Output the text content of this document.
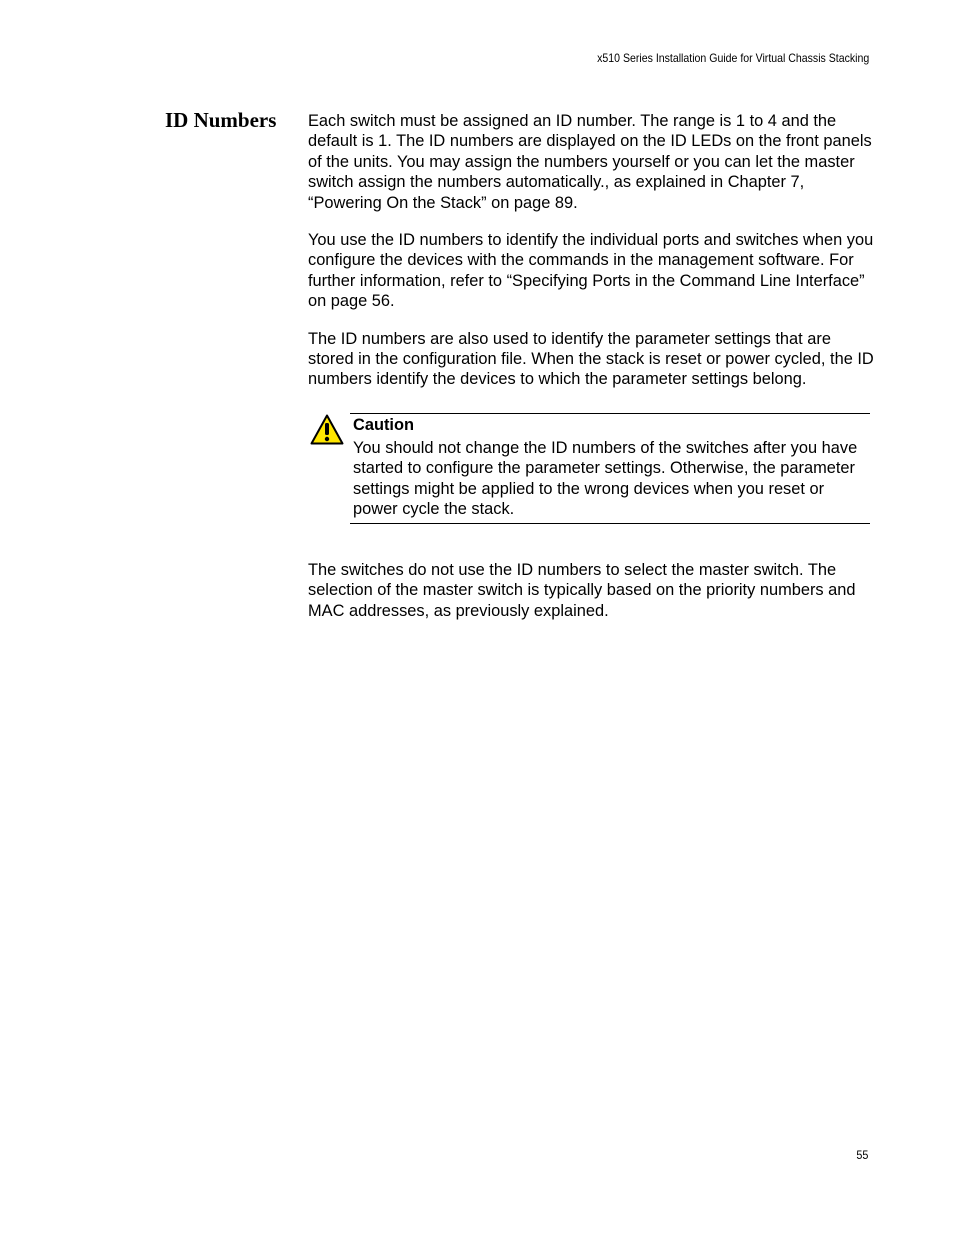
x510 Series Installation Guide for Virtual Chassis Stacking
ID Numbers Each switch must be assigned an ID number. The range is 1 to 4 and the default is 1. The ID numbers are displayed on the ID LEDs on the front panels of the units. You may assign the numbers yourself or you can let the master switch assign the numbers automatically., as explained in Chapter 7, “Powering On the Stack” on page 89.

You use the ID numbers to identify the individual ports and switches when you configure the devices with the commands in the management software. For further information, refer to “Specifying Ports in the Command Line Interface” on page 56.

The ID numbers are also used to identify the parameter settings that are stored in the configuration file. When the stack is reset or power cycled, the ID numbers identify the devices to which the parameter settings belong.

Caution

You should not change the ID numbers of the switches after you have started to configure the parameter settings. Otherwise, the parameter settings might be applied to the wrong devices when you reset or power cycle the stack.

The switches do not use the ID numbers to select the master switch. The selection of the master switch is typically based on the priority numbers and MAC addresses, as previously explained.

55
